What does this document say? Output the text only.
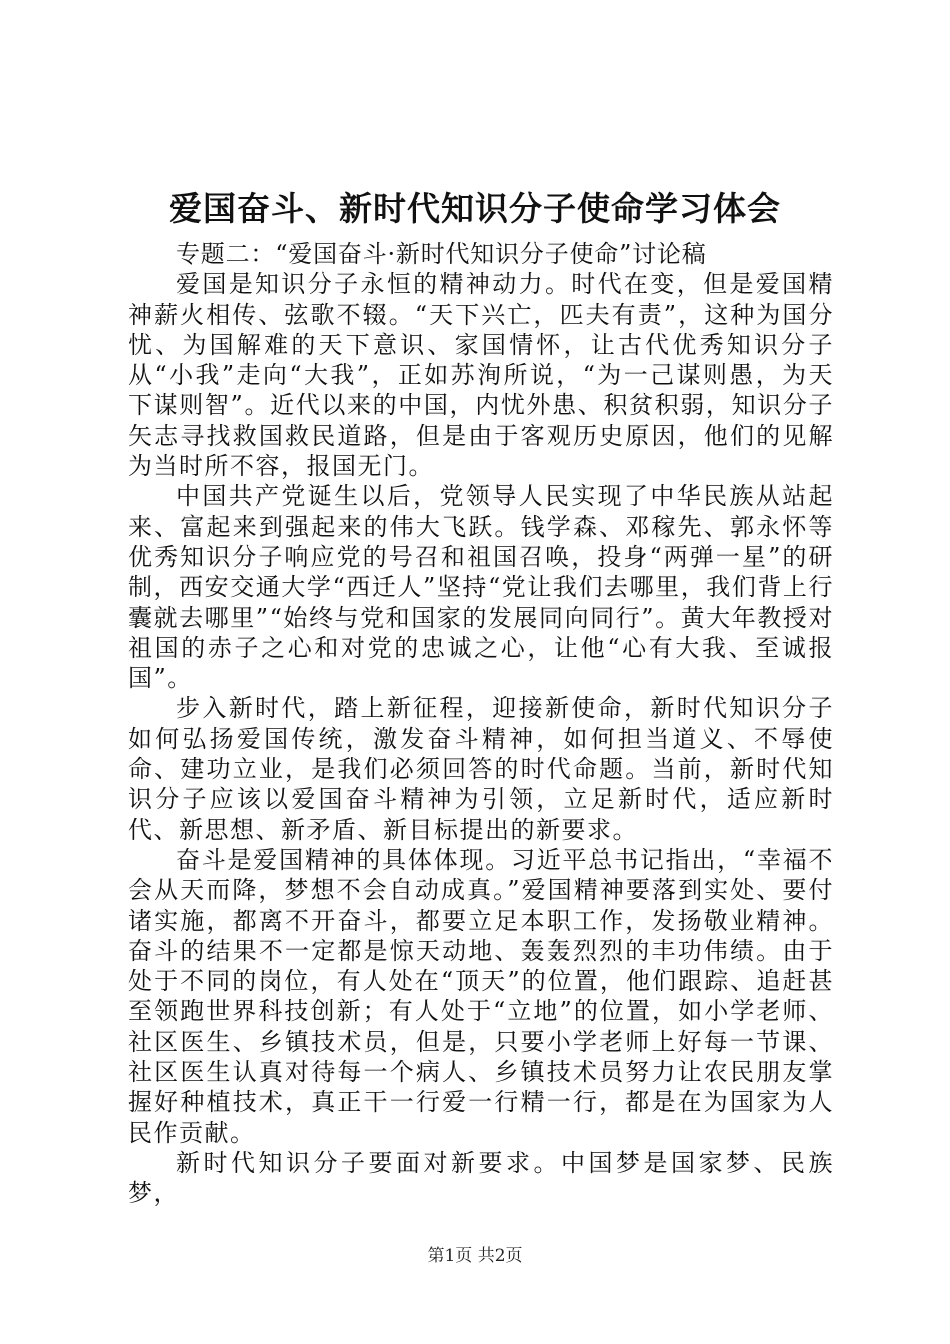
爱国奋斗、新时代知识分子使命学习体会

专题二：“爱国奋斗·新时代知识分子使命”讨论稿

爱国是知识分子永恒的精神动力。时代在变，但是爱国精神薪火相传、弦歌不辍。“天下兴亡，匹夫有责”，这种为国分忧、为国解难的天下意识、家国情怀，让古代优秀知识分子从“小我”走向“大我”，正如苏洵所说，“为一己谋则愚，为天下谋则智”。近代以来的中国，内忧外患、积贫积弱，知识分子矢志寻找救国救民道路，但是由于客观历史原因，他们的见解为当时所不容，报国无门。

中国共产党诞生以后，党领导人民实现了中华民族从站起来、富起来到强起来的伟大飞跃。钱学森、邓稼先、郭永怀等优秀知识分子响应党的号召和祖国召唤，投身“两弹一星”的研制，西安交通大学“西迁人”坚持“党让我们去哪里，我们背上行囊就去哪里”“始终与党和国家的发展同向同行”。黄大年教授对祖国的赤子之心和对党的忠诚之心，让他“心有大我、至诚报国”。

步入新时代，踏上新征程，迎接新使命，新时代知识分子如何弘扬爱国传统，激发奋斗精神，如何担当道义、不辱使命、建功立业，是我们必须回答的时代命题。当前，新时代知识分子应该以爱国奋斗精神为引领，立足新时代，适应新时代、新思想、新矛盾、新目标提出的新要求。

奋斗是爱国精神的具体体现。习近平总书记指出，“幸福不会从天而降，梦想不会自动成真。”爱国精神要落到实处、要付诸实施，都离不开奋斗，都要立足本职工作，发扬敬业精神。奋斗的结果不一定都是惊天动地、轰轰烈烈的丰功伟绩。由于处于不同的岗位，有人处在“顶天”的位置，他们跟踪、追赶甚至领跑世界科技创新；有人处于“立地”的位置，如小学老师、社区医生、乡镇技术员，但是，只要小学老师上好每一节课、社区医生认真对待每一个病人、乡镇技术员努力让农民朋友掌握好种植技术，真正干一行爱一行精一行，都是在为国家为人民作贡献。

新时代知识分子要面对新要求。中国梦是国家梦、民族梦，

第1页 共2页
